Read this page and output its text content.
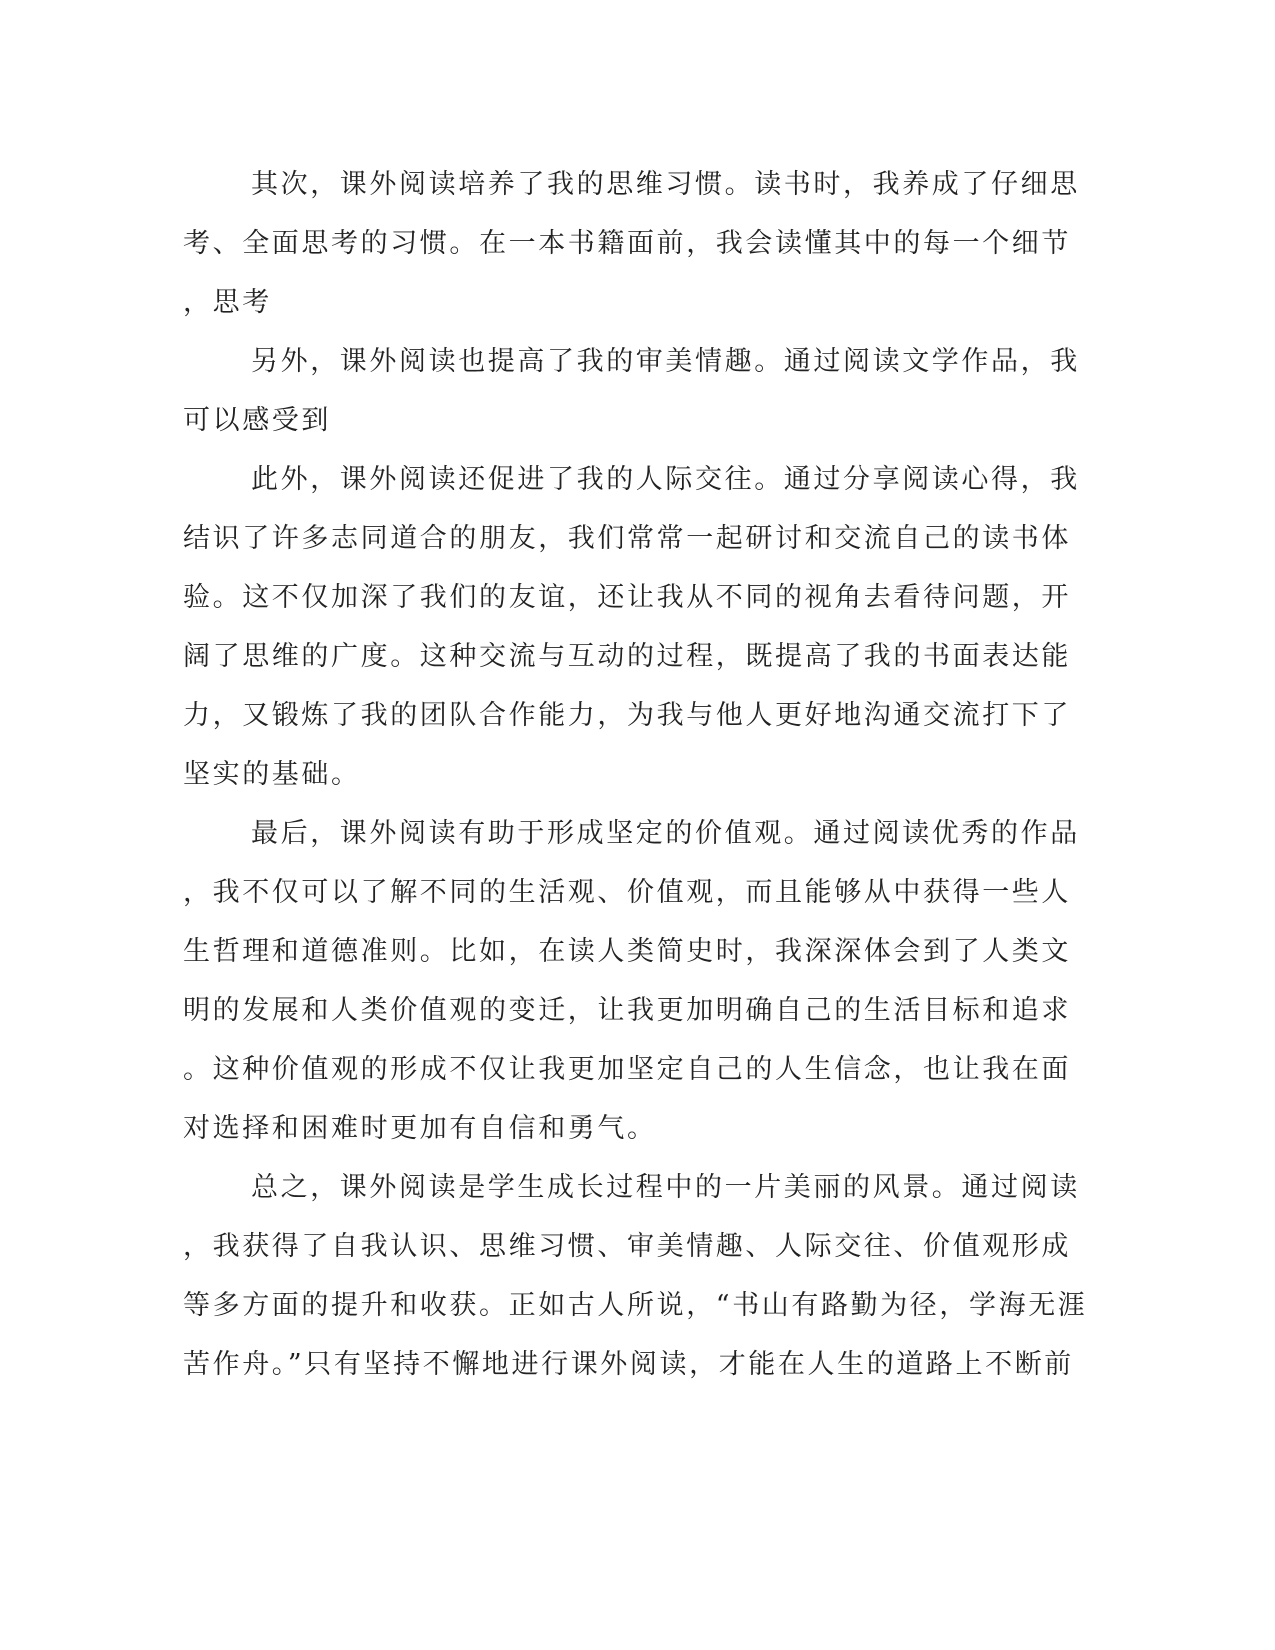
其次，课外阅读培养了我的思维习惯。读书时，我养成了仔细思
考、全面思考的习惯。在一本书籍面前，我会读懂其中的每一个细节
，思考
另外，课外阅读也提高了我的审美情趣。通过阅读文学作品，我
可以感受到
此外，课外阅读还促进了我的人际交往。通过分享阅读心得，我
结识了许多志同道合的朋友，我们常常一起研讨和交流自己的读书体
验。这不仅加深了我们的友谊，还让我从不同的视角去看待问题，开
阔了思维的广度。这种交流与互动的过程，既提高了我的书面表达能
力，又锻炼了我的团队合作能力，为我与他人更好地沟通交流打下了
坚实的基础。
最后，课外阅读有助于形成坚定的价值观。通过阅读优秀的作品
，我不仅可以了解不同的生活观、价值观，而且能够从中获得一些人
生哲理和道德准则。比如，在读人类简史时，我深深体会到了人类文
明的发展和人类价值观的变迁，让我更加明确自己的生活目标和追求
。这种价值观的形成不仅让我更加坚定自己的人生信念，也让我在面
对选择和困难时更加有自信和勇气。
总之，课外阅读是学生成长过程中的一片美丽的风景。通过阅读
，我获得了自我认识、思维习惯、审美情趣、人际交往、价值观形成
等多方面的提升和收获。正如古人所说，“书山有路勤为径，学海无涯
苦作舟。”只有坚持不懈地进行课外阅读，才能在人生的道路上不断前
